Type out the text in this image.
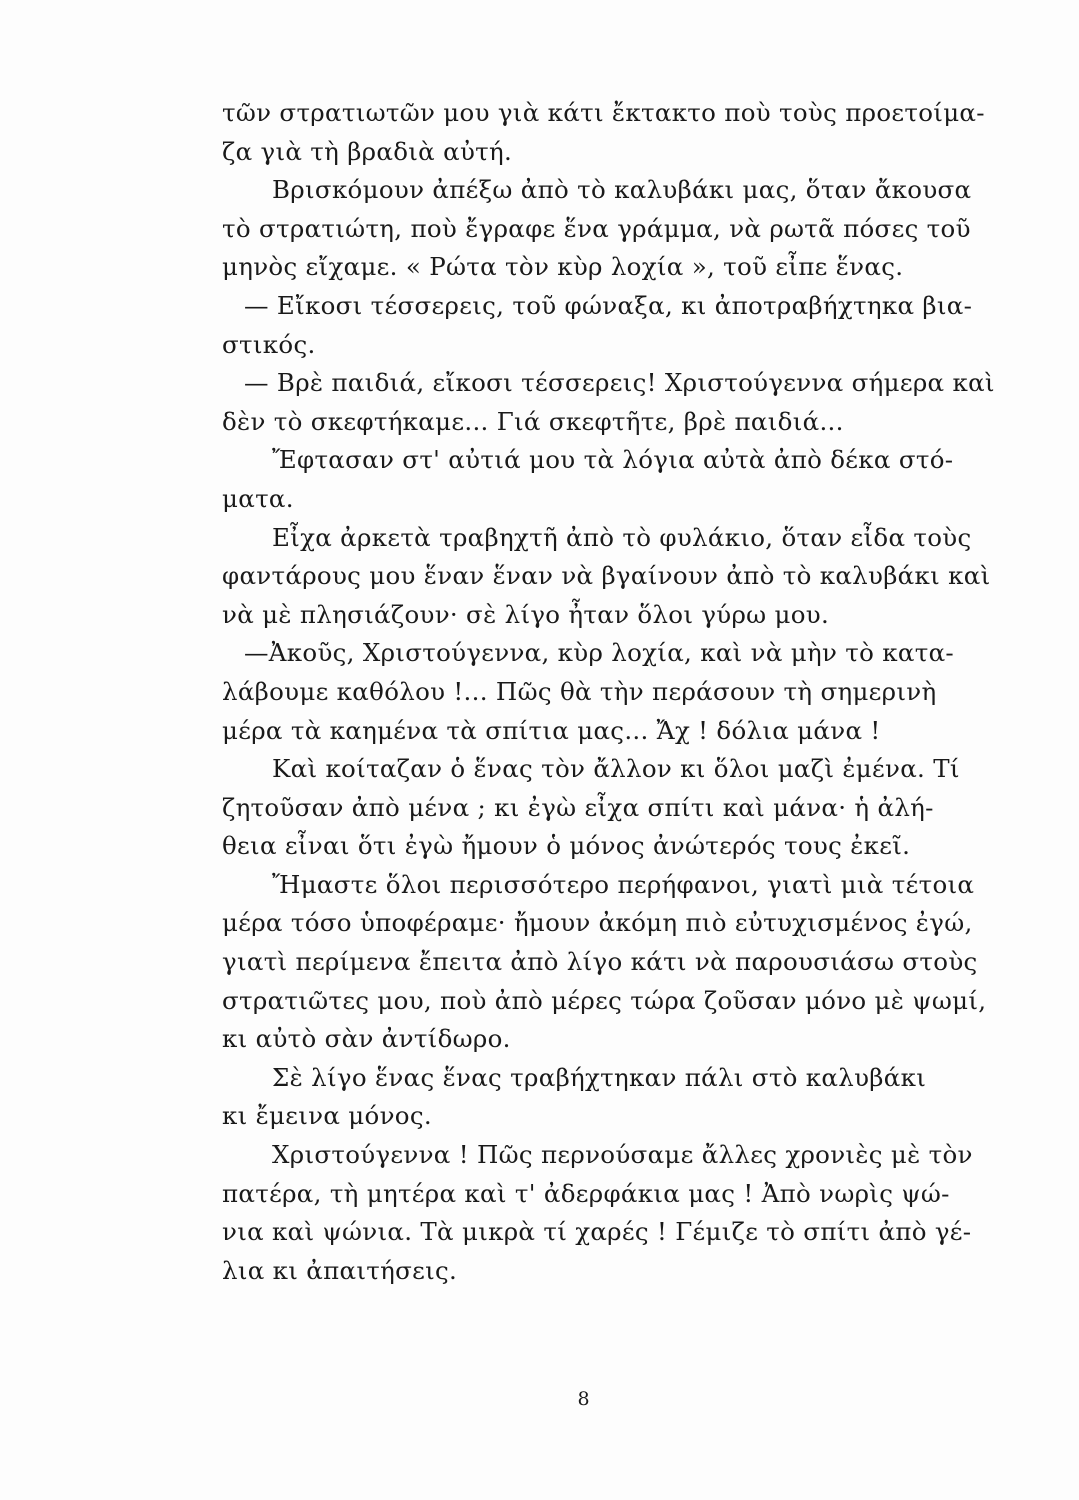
τῶν στρατιωτῶν μου γιὰ κάτι ἔκτακτο ποὺ τοὺς προετοίμα-
ζα γιὰ τὴ βραδιὰ αὐτή.
Βρισκόμουν ἀπέξω ἀπὸ τὸ καλυβάκι μας, ὅταν ἄκουσα
τὸ στρατιώτη, ποὺ ἔγραφε ἕνα γράμμα, νὰ ρωτᾶ πόσες τοῦ
μηνὸς εἴχαμε. « Ρώτα τὸν κὺρ λοχία », τοῦ εἶπε ἕνας.
— Εἴκοσι τέσσερεις, τοῦ φώναξα, κι ἀποτραβήχτηκα βια-
στικός.
— Βρὲ παιδιά, εἴκοσι τέσσερεις! Χριστούγεννα σήμερα καὶ
δὲν τὸ σκεφτήκαμε... Γιά σκεφτῆτε, βρὲ παιδιά...
Ἔφτασαν στ' αὐτιά μου τὰ λόγια αὐτὰ ἀπὸ δέκα στό-
ματα.
Εἶχα ἀρκετὰ τραβηχτῆ ἀπὸ τὸ φυλάκιο, ὅταν εἶδα τοὺς
φαντάρους μου ἕναν ἕναν νὰ βγαίνουν ἀπὸ τὸ καλυβάκι καὶ
νὰ μὲ πλησιάζουν· σὲ λίγο ἦταν ὅλοι γύρω μου.
—Ἀκοῦς, Χριστούγεννα, κὺρ λοχία, καὶ νὰ μὴν τὸ κατα-
λάβουμε καθόλου !... Πῶς θὰ τὴν περάσουν τὴ σημερινὴ
μέρα τὰ καημένα τὰ σπίτια μας... Ἄχ ! δόλια μάνα !
Καὶ κοίταζαν ὁ ἕνας τὸν ἄλλον κι ὅλοι μαζὶ ἐμένα. Τί
ζητοῦσαν ἀπὸ μένα ; κι ἐγὼ εἶχα σπίτι καὶ μάνα· ἡ ἀλή-
θεια εἶναι ὅτι ἐγὼ ἤμουν ὁ μόνος ἀνώτερός τους ἐκεῖ.
Ἤμαστε ὅλοι περισσότερο περήφανοι, γιατὶ μιὰ τέτοια
μέρα τόσο ὑποφέραμε· ἤμουν ἀκόμη πιὸ εὐτυχισμένος ἐγώ,
γιατὶ περίμενα ἔπειτα ἀπὸ λίγο κάτι νὰ παρουσιάσω στοὺς
στρατιῶτες μου, ποὺ ἀπὸ μέρες τώρα ζοῦσαν μόνο μὲ ψωμί,
κι αὐτὸ σὰν ἀντίδωρο.
Σὲ λίγο ἕνας ἕνας τραβήχτηκαν πάλι στὸ καλυβάκι
κι ἔμεινα μόνος.
Χριστούγεννα ! Πῶς περνούσαμε ἄλλες χρονιὲς μὲ τὸν
πατέρα, τὴ μητέρα καὶ τ' ἀδερφάκια μας ! Ἀπὸ νωρὶς ψώ-
νια καὶ ψώνια. Τὰ μικρὰ τί χαρές ! Γέμιζε τὸ σπίτι ἀπὸ γέ-
λια κι ἀπαιτήσεις.
8
